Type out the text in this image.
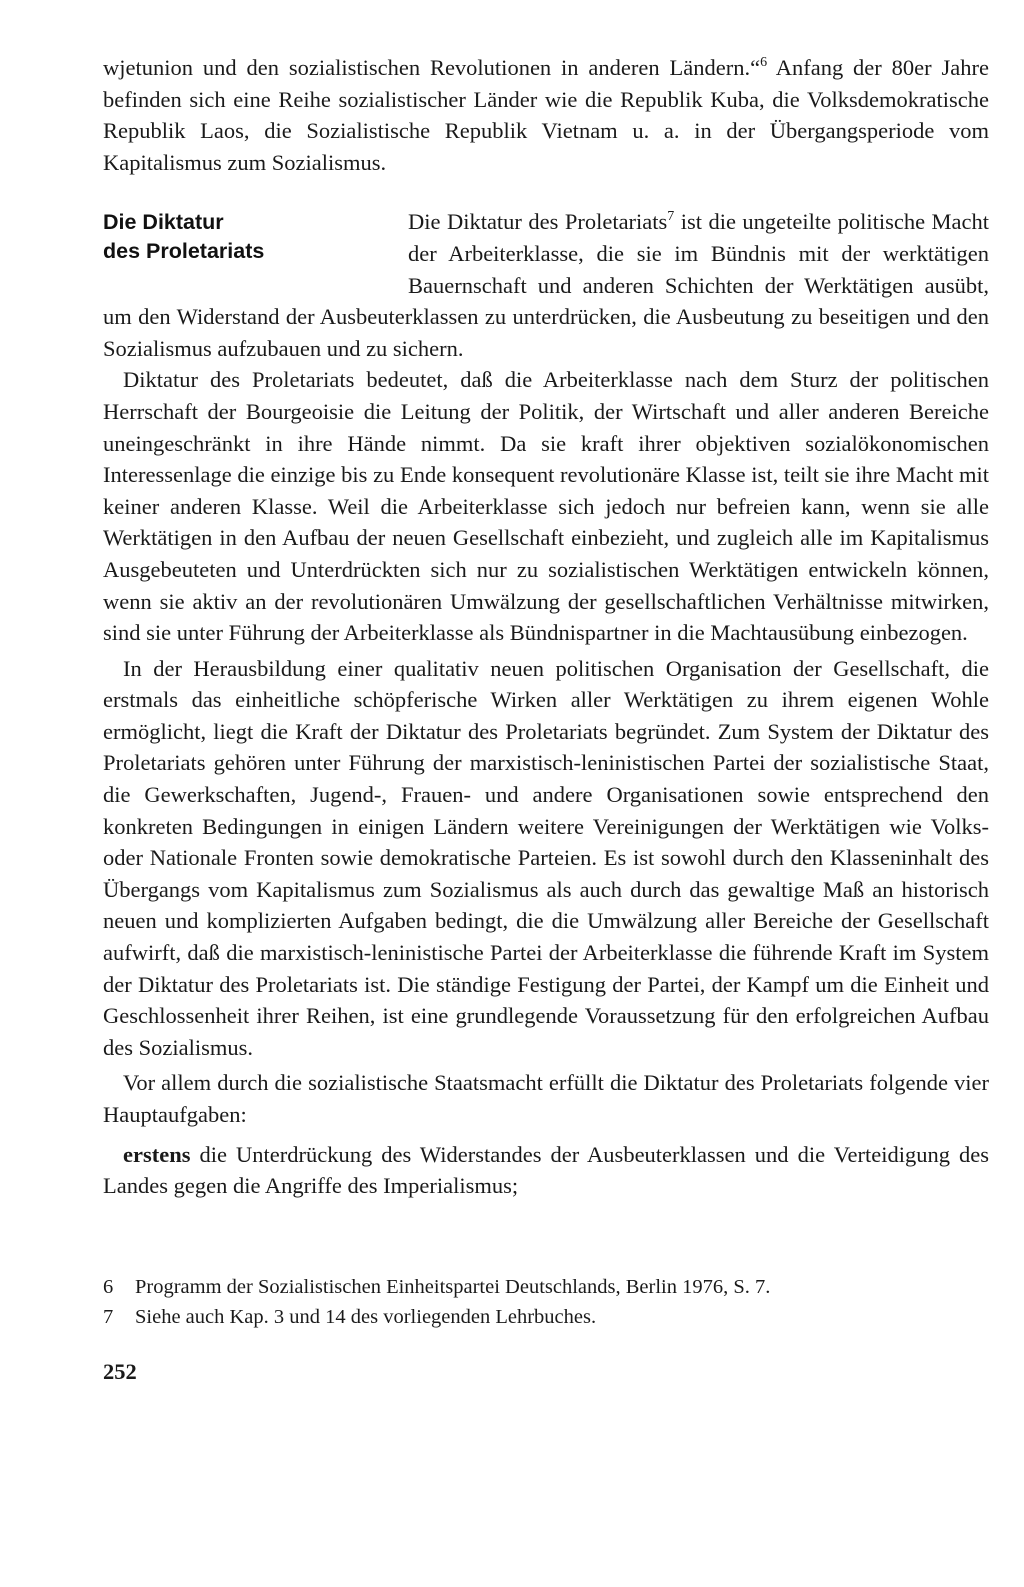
wjetunion und den sozialistischen Revolutionen in anderen Ländern.“$^6$ Anfang der 80er Jahre befinden sich eine Reihe sozialistischer Länder wie die Republik Kuba, die Volksdemokratische Republik Laos, die Sozialistische Republik Vietnam u. a. in der Übergangsperiode vom Kapitalismus zum Sozialismus.

Die Diktatur
des Proletariats

Die Diktatur des Proletariats$^7$ ist die ungeteilte politische Macht der Arbeiterklasse, die sie im Bündnis mit der werktätigen Bauernschaft und anderen Schichten der Werktätigen ausübt, um den Widerstand der Ausbeuterklassen zu unterdrücken, die Ausbeutung zu beseitigen und den Sozialismus aufzubauen und zu sichern.

Diktatur des Proletariats bedeutet, daß die Arbeiterklasse nach dem Sturz der politischen Herrschaft der Bourgeoisie die Leitung der Politik, der Wirtschaft und aller anderen Bereiche uneingeschränkt in ihre Hände nimmt. Da sie kraft ihrer objektiven sozialökonomischen Interessenlage die einzige bis zu Ende konsequent revolutionäre Klasse ist, teilt sie ihre Macht mit keiner anderen Klasse. Weil die Arbeiterklasse sich jedoch nur befreien kann, wenn sie alle Werktätigen in den Aufbau der neuen Gesellschaft einbezieht, und zugleich alle im Kapitalismus Ausgebeuteten und Unterdrückten sich nur zu sozialistischen Werktätigen entwickeln können, wenn sie aktiv an der revolutionären Umwälzung der gesellschaftlichen Verhältnisse mitwirken, sind sie unter Führung der Arbeiterklasse als Bündnispartner in die Machtausübung einbezogen.

In der Herausbildung einer qualitativ neuen politischen Organisation der Gesellschaft, die erstmals das einheitliche schöpferische Wirken aller Werktätigen zu ihrem eigenen Wohle ermöglicht, liegt die Kraft der Diktatur des Proletariats begründet. Zum System der Diktatur des Proletariats gehören unter Führung der marxistisch-leninistischen Partei der sozialistische Staat, die Gewerkschaften, Jugend-, Frauen- und andere Organisationen sowie entsprechend den konkreten Bedingungen in einigen Ländern weitere Vereinigungen der Werktätigen wie Volks- oder Nationale Fronten sowie demokratische Parteien. Es ist sowohl durch den Klasseninhalt des Übergangs vom Kapitalismus zum Sozialismus als auch durch das gewaltige Maß an historisch neuen und komplizierten Aufgaben bedingt, die die Umwälzung aller Bereiche der Gesellschaft aufwirft, daß die marxistisch-leninistische Partei der Arbeiterklasse die führende Kraft im System der Diktatur des Proletariats ist. Die ständige Festigung der Partei, der Kampf um die Einheit und Geschlossenheit ihrer Reihen, ist eine grundlegende Voraussetzung für den erfolgreichen Aufbau des Sozialismus.

Vor allem durch die sozialistische Staatsmacht erfüllt die Diktatur des Proletariats folgende vier Hauptaufgaben:

erstens die Unterdrückung des Widerstandes der Ausbeuterklassen und die Verteidigung des Landes gegen die Angriffe des Imperialismus;

6	Programm der Sozialistischen Einheitspartei Deutschlands, Berlin 1976, S. 7.
7	Siehe auch Kap. 3 und 14 des vorliegenden Lehrbuches.
252
